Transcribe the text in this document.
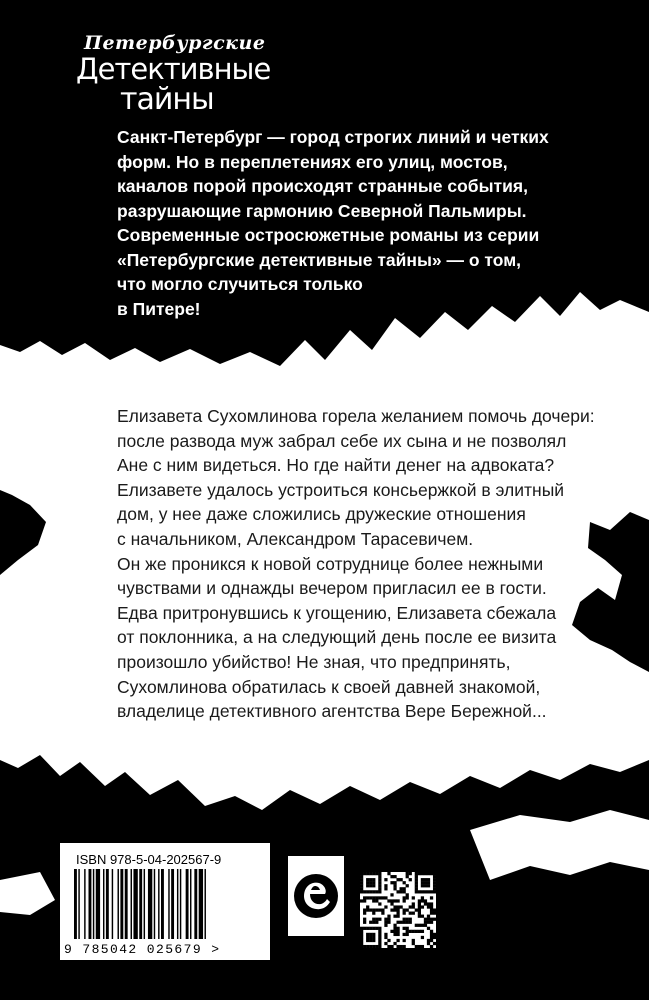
Петербургские
Детективные
тайны

Санкт-Петербург — город строгих линий и четких
форм. Но в переплетениях его улиц, мостов,
каналов порой происходят странные события,
разрушающие гармонию Северной Пальмиры.
Современные остросюжетные романы из серии
«Петербургские детективные тайны» — о том,
что могло случиться только
в Питере!

Елизавета Сухомлинова горела желанием помочь дочери:
после развода муж забрал себе их сына и не позволял
Ане с ним видеться. Но где найти денег на адвоката?
Елизавете удалось устроиться консьержкой в элитный
дом, у нее даже сложились дружеские отношения
с начальником, Александром Тарасевичем.
Он же проникся к новой сотруднице более нежными
чувствами и однажды вечером пригласил ее в гости.
Едва притронувшись к угощению, Елизавета сбежала
от поклонника, а на следующий день после ее визита
произошло убийство! Не зная, что предпринять,
Сухомлинова обратилась к своей давней знакомой,
владелице детективного агентства Вере Бережной...

ISBN 978-5-04-202567-9
9 785042 025679 >	eksmo.ru
НАШИ СОЦСЕТИ
